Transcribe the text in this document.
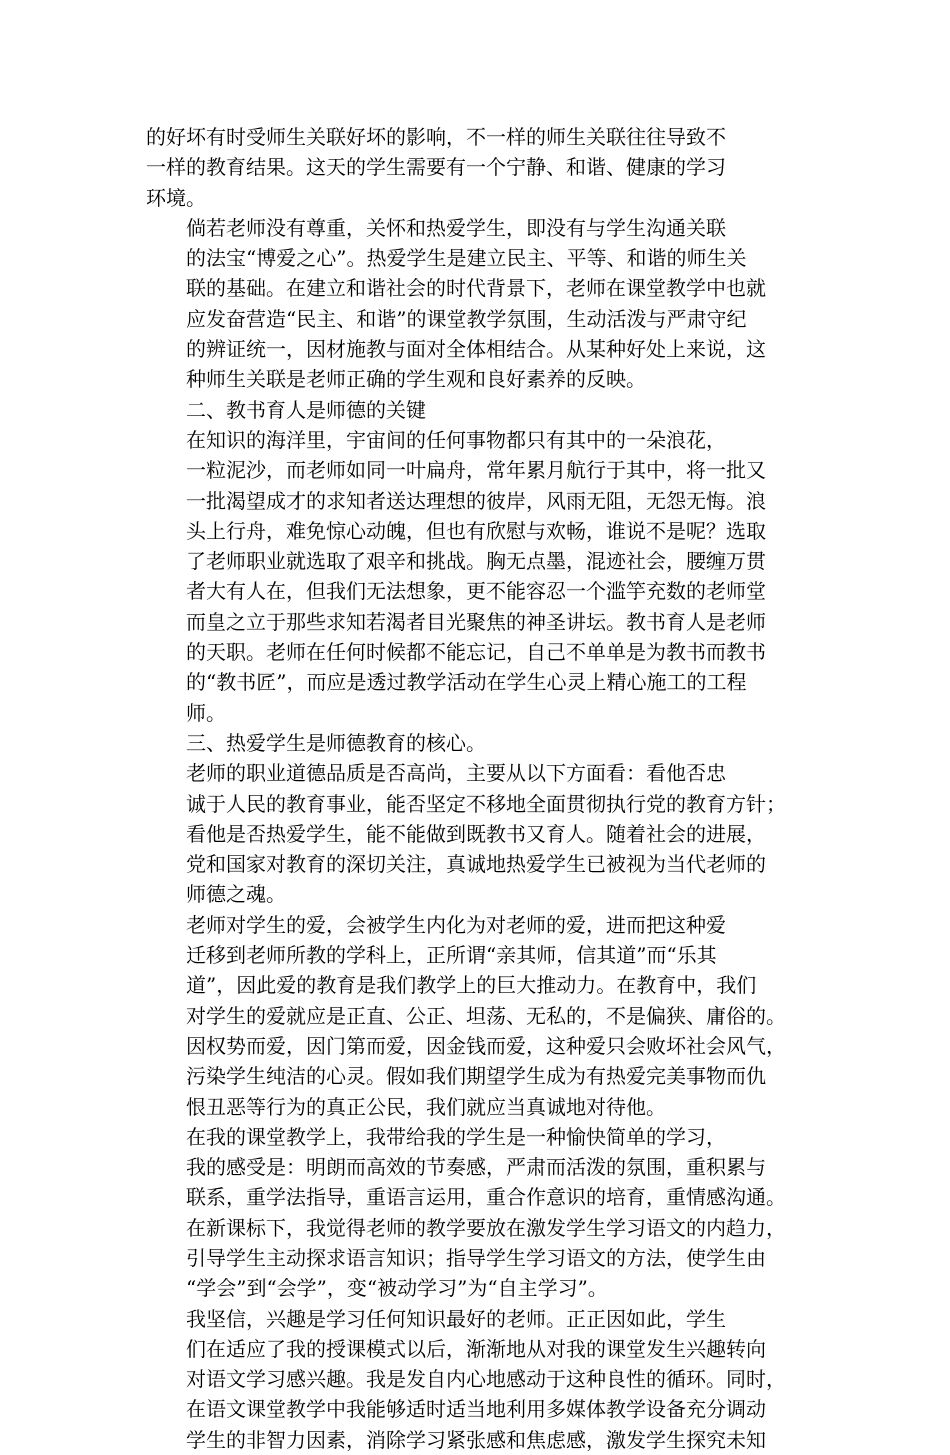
的好坏有时受师生关联好坏的影响，不一样的师生关联往往导致不
一样的教育结果。这天的学生需要有一个宁静、和谐、健康的学习
环境。

倘若老师没有尊重，关怀和热爱学生，即没有与学生沟通关联
的法宝“博爱之心”。热爱学生是建立民主、平等、和谐的师生关
联的基础。在建立和谐社会的时代背景下，老师在课堂教学中也就
应发奋营造“民主、和谐”的课堂教学氛围，生动活泼与严肃守纪
的辨证统一，因材施教与面对全体相结合。从某种好处上来说，这
种师生关联是老师正确的学生观和良好素养的反映。

二、教书育人是师德的关键

在知识的海洋里，宇宙间的任何事物都只有其中的一朵浪花，
一粒泥沙，而老师如同一叶扁舟，常年累月航行于其中，将一批又
一批渴望成才的求知者送达理想的彼岸，风雨无阻，无怨无悔。浪
头上行舟，难免惊心动魄，但也有欣慰与欢畅，谁说不是呢？选取
了老师职业就选取了艰辛和挑战。胸无点墨，混迹社会，腰缠万贯
者大有人在，但我们无法想象，更不能容忍一个滥竽充数的老师堂
而皇之立于那些求知若渴者目光聚焦的神圣讲坛。教书育人是老师
的天职。老师在任何时候都不能忘记，自己不单单是为教书而教书
的“教书匠”，而应是透过教学活动在学生心灵上精心施工的工程
师。

三、热爱学生是师德教育的核心。

老师的职业道德品质是否高尚，主要从以下方面看：看他否忠
诚于人民的教育事业，能否坚定不移地全面贯彻执行党的教育方针；
看他是否热爱学生，能不能做到既教书又育人。随着社会的进展，
党和国家对教育的深切关注，真诚地热爱学生已被视为当代老师的
师德之魂。

老师对学生的爱，会被学生内化为对老师的爱，进而把这种爱
迁移到老师所教的学科上，正所谓“亲其师，信其道”而“乐其
道”，因此爱的教育是我们教学上的巨大推动力。在教育中，我们
对学生的爱就应是正直、公正、坦荡、无私的，不是偏狭、庸俗的。
因权势而爱，因门第而爱，因金钱而爱，这种爱只会败坏社会风气，
污染学生纯洁的心灵。假如我们期望学生成为有热爱完美事物而仇
恨丑恶等行为的真正公民，我们就应当真诚地对待他。

在我的课堂教学上，我带给我的学生是一种愉快简单的学习，
我的感受是：明朗而高效的节奏感，严肃而活泼的氛围，重积累与
联系，重学法指导，重语言运用，重合作意识的培育，重情感沟通。
在新课标下，我觉得老师的教学要放在激发学生学习语文的内趋力，
引导学生主动探求语言知识；指导学生学习语文的方法，使学生由
“学会”到“会学”，变“被动学习”为“自主学习”。

我坚信，兴趣是学习任何知识最好的老师。正正因如此，学生
们在适应了我的授课模式以后，渐渐地从对我的课堂发生兴趣转向
对语文学习感兴趣。我是发自内心地感动于这种良性的循环。同时，
在语文课堂教学中我能够适时适当地利用多媒体教学设备充分调动
学生的非智力因素，消除学习紧张感和焦虑感，激发学生探究未知
